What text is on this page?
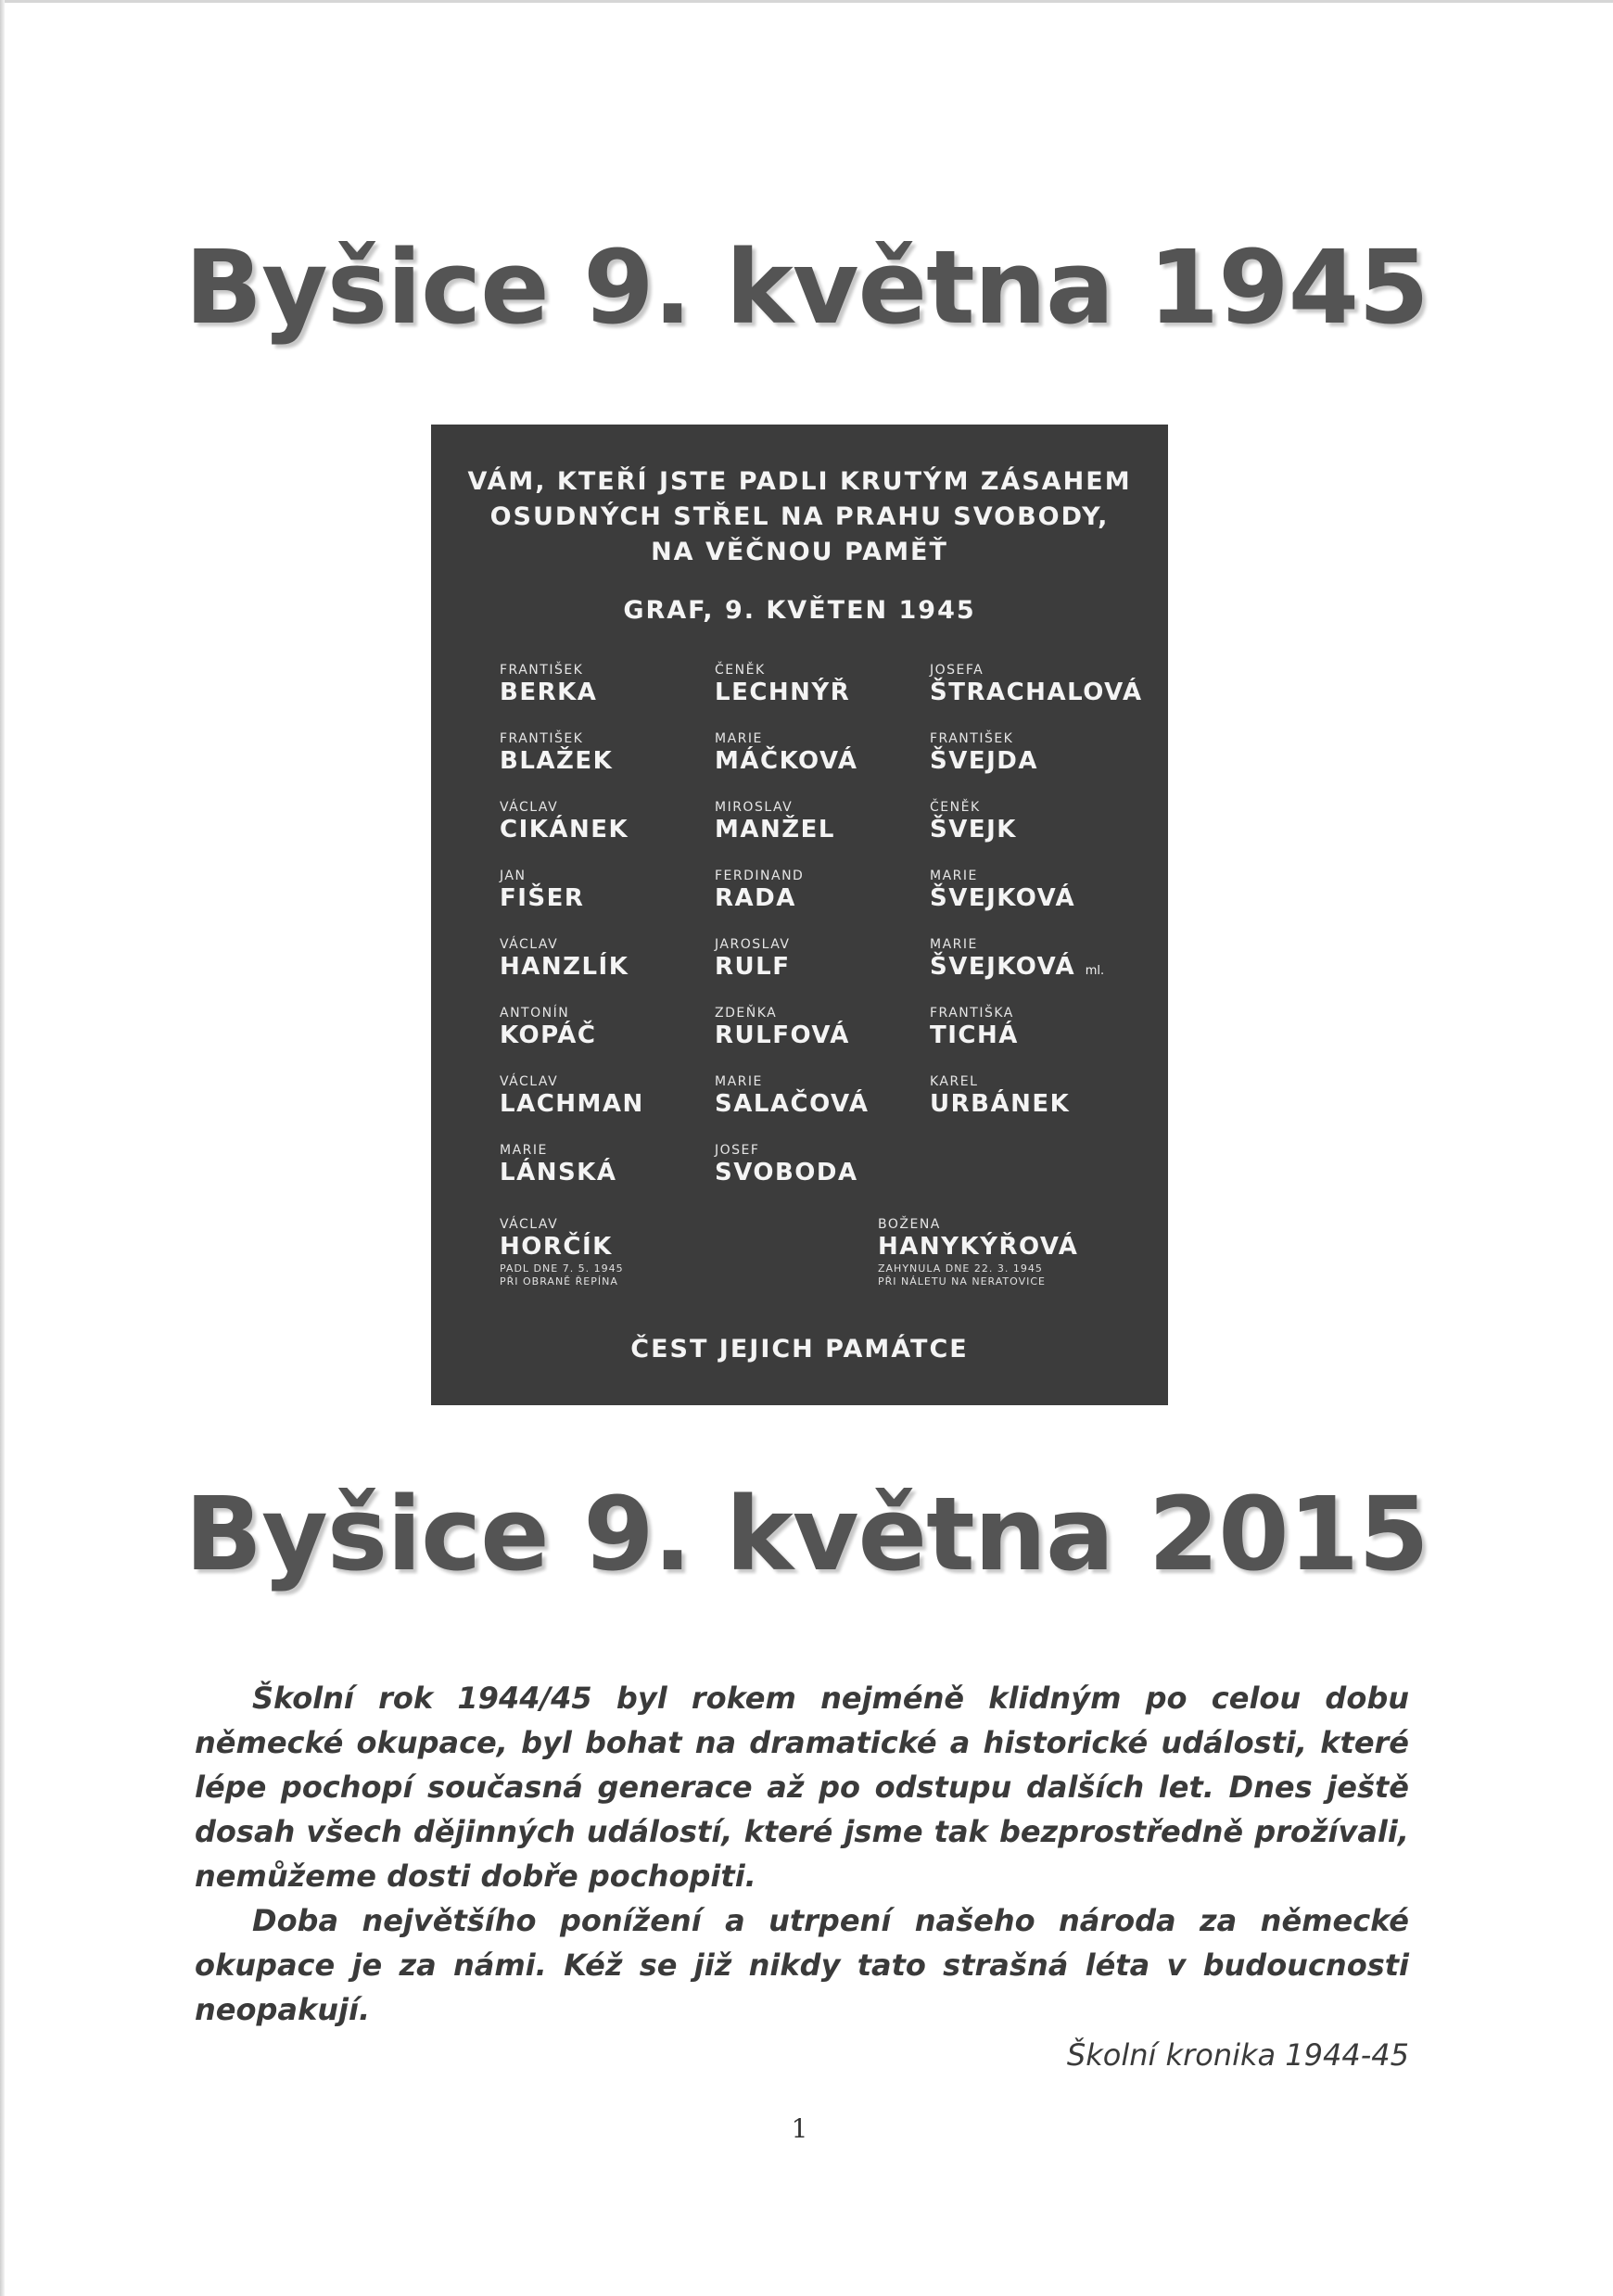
Byšice 9. května 1945
VÁM, KTEŘÍ JSTE PADLI KRUTÝM ZÁSAHEM
OSUDNÝCH STŘEL NA PRAHU SVOBODY,
NA VĚČNOU PAMĚŤ
GRAF, 9. KVĚTEN 1945
FRANTIŠEK
BERKA
FRANTIŠEK
BLAŽEK
VÁCLAV
CIKÁNEK
JAN
FIŠER
VÁCLAV
HANZLÍK
ANTONÍN
KOPÁČ
VÁCLAV
LACHMAN
MARIE
LÁNSKÁ
ČENĚK
LECHNÝŘ
MARIE
MÁČKOVÁ
MIROSLAV
MANŽEL
FERDINAND
RADA
JAROSLAV
RULF
ZDEŇKA
RULFOVÁ
MARIE
SALAČOVÁ
JOSEF
SVOBODA
JOSEFA
ŠTRACHALOVÁ
FRANTIŠEK
ŠVEJDA
ČENĚK
ŠVEJK
MARIE
ŠVEJKOVÁ
MARIE
ŠVEJKOVÁ ml.
FRANTIŠKA
TICHÁ
KAREL
URBÁNEK
VÁCLAV
HORČÍK
PADL DNE 7. 5. 1945
PŘI OBRANĚ ŘEPÍNA
BOŽENA
HANYKÝŘOVÁ
ZAHYNULA DNE 22. 3. 1945
PŘI NÁLETU NA NERATOVICE
ČEST JEJICH PAMÁTCE
Byšice 9. května 2015

Školní rok 1944/45 byl rokem nejméně klidným po celou dobu německé okupace, byl bohat na dramatické a historické události, které lépe pochopí současná generace až po odstupu dalších let. Dnes ještě dosah všech dějinných událostí, které jsme tak bezprostředně prožívali, nemůžeme dosti dobře pochopiti.

Doba největšího ponížení a utrpení našeho národa za německé okupace je za námi. Kéž se již nikdy tato strašná léta v budoucnosti neopakují.

Školní kronika 1944-45
1
